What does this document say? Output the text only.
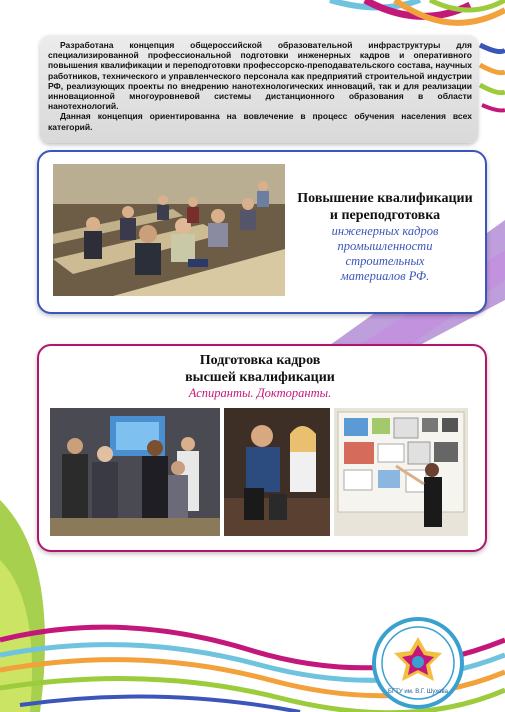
Разработана концепция общероссийской образовательной инфраструктуры для специализированной профессиональной подготовки инженерных кадров и оперативного повышения квалификации и переподготовки профессорско-преподавательского состава, научных работников, технического и управленческого персонала как предприятий строительной индустрии РФ, реализующих проекты по внедрению нанотехнологических инноваций, так и для реализации инновационной многоуровневой системы дистанционного образования в области нанотехнологий.

Данная концепция ориентированна на вовлечение в процесс обучения населения всех категорий.

Повышение квалификации
и переподготовка
инженерных кадров
промышленности
строительных
материалов РФ.
Подготовка кадров
высшей квалификации
Аспиранты. Докторанты.
БГТУ им. В.Г. Шухова
